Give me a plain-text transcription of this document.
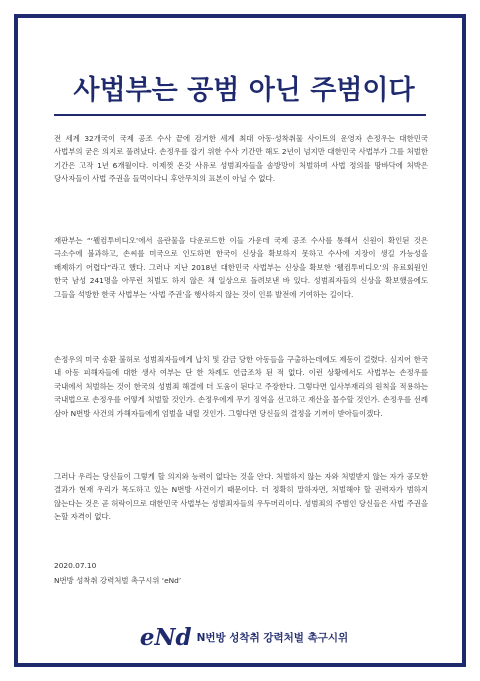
사법부는 공범 아닌 주범이다
전 세계 32개국이 국제 공조 수사 끝에 검거한 세계 최대 아동·성착취물 사이트의 운영자 손정우는 대한민국 사법부의 굳은 의지로 풀려났다. 손정우를 잡기 위한 수사 기간만 해도 2년이 넘지만 대한민국 사법부가 그를 처벌한 기간은 고작 1년 6개월이다. 이제껏 온갖 사유로 성범죄자들을 솜방망이 처벌하며 사법 정의를 땅바닥에 처박은 당사자들이 사법 주권을 들먹이다니 후안무치의 표본이 아닐 수 없다.
재판부는 “‘웰컴투비디오’에서 음란물을 다운로드한 이들 가운데 국제 공조 수사를 통해서 신원이 확인된 것은 극소수에 불과하고, 손씨를 미국으로 인도하면 한국이 신상을 확보하지 못하고 수사에 지장이 생길 가능성을 배제하기 어렵다”라고 했다. 그러나 지난 2018년 대한민국 사법부는 신상을 확보한 ‘웰컴투비디오’의 유료회원인 한국 남성 241명을 아무런 처벌도 하지 않은 채 일상으로 돌려보낸 바 있다. 성범죄자들의 신상을 확보했음에도 그들을 석방한 한국 사법부는 ‘사법 주권’을 행사하지 않는 것이 인류 발전에 기여하는 길이다.
손정우의 미국 송환 불허로 성범죄자들에게 납치 및 감금 당한 아동들을 구출하는데에도 제동이 걸렸다. 심지어 한국 내 아동 피해자들에 대한 생사 여부는 단 한 차례도 언급조차 된 적 없다. 이런 상황에서도 사법부는 손정우를 국내에서 처벌하는 것이 한국의 성범죄 해결에 더 도움이 된다고 주장한다. 그렇다면 일사부재리의 원칙을 적용하는 국내법으로 손정우를 어떻게 처벌할 것인가. 손정우에게 무기 징역을 선고하고 재산을 몰수할 것인가. 손정우를 선례 삼아 N번방 사건의 가해자들에게 엄벌을 내릴 것인가. 그렇다면 당신들의 결정을 기꺼이 받아들이겠다.
그러나 우리는 당신들이 그렇게 할 의지와 능력이 없다는 것을 안다. 처벌하지 않는 자와 처벌받지 않는 자가 공모한 결과가 현재 우리가 목도하고 있는 N번방 사건이기 때문이다. 더 정확히 말하자면, 처벌해야 할 권력자가 범하지 않는다는 것은 곧 허락이므로 대한민국 사법부는 성범죄자들의 우두머리이다. 성범죄의 주범인 당신들은 사법 주권을 논할 자격이 없다.
2020.07.10
N번방 성착취 강력처벌 촉구시위 ‘eNd’
eNd N번방 성착취 강력처벌 촉구시위
